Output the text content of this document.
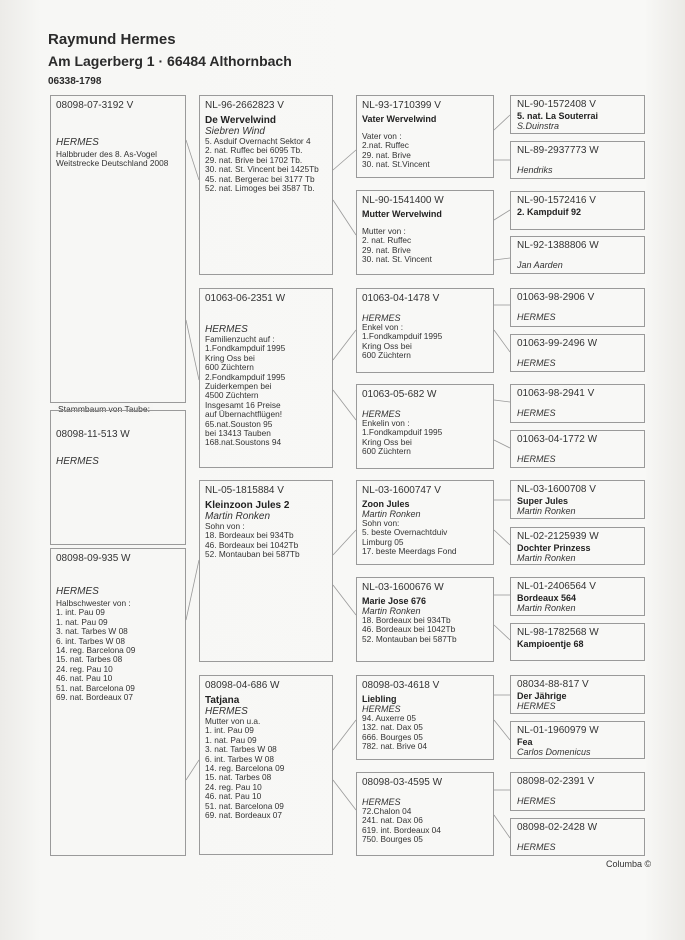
Raymund Hermes
Am Lagerberg 1 · 66484 Althornbach
06338-1798
08098-07-3192 V
HERMES
Halbbruder des 8. As-Vogel
Weitstrecke Deutschland 2008
Stammbaum von Taube:
08098-11-513 W
HERMES
08098-09-935 W
HERMES
Halbschwester von :
1. int. Pau 09
1. nat. Pau 09
3. nat. Tarbes W 08
6. int. Tarbes W 08
14. reg. Barcelona 09
15. nat. Tarbes 08
24. reg. Pau 10
46. nat. Pau 10
51. nat. Barcelona 09
69. nat. Bordeaux 07
NL-96-2662823 V
De Wervelwind
Siebren Wind
5. Asduif Overnacht Sektor 4
2. nat. Ruffec bei 6095 Tb.
29. nat. Brive bei 1702 Tb.
30. nat. St. Vincent bei 1425Tb
45. nat. Bergerac bei 3177 Tb
52. nat. Limoges bei 3587 Tb.
01063-06-2351 W
HERMES
Familienzucht auf :
1.Fondkampduif 1995
Kring Oss bei
600 Züchtern
2.Fondkampduif 1995
Zuiderkempen bei
4500 Züchtern
Insgesamt 16 Preise
auf Übernachtflügen!
65.nat.Souston 95
bei 13413 Tauben
168.nat.Soustons 94
NL-05-1815884 V
Kleinzoon Jules 2
Martin Ronken
Sohn von :
18. Bordeaux bei 934Tb
46. Bordeaux bei 1042Tb
52. Montauban bei 587Tb
08098-04-686 W
Tatjana
HERMES
Mutter von u.a.
1. int. Pau 09
1. nat. Pau 09
3. nat. Tarbes W 08
6. int. Tarbes W 08
14. reg. Barcelona 09
15. nat. Tarbes 08
24. reg. Pau 10
46. nat. Pau 10
51. nat. Barcelona 09
69. nat. Bordeaux 07
NL-93-1710399 V
Vater Wervelwind
Vater von :
2.nat. Ruffec
29. nat. Brive
30. nat. St.Vincent
NL-90-1541400 W
Mutter Wervelwind
Mutter von :
2. nat. Ruffec
29. nat. Brive
30. nat. St. Vincent
01063-04-1478 V
HERMES
Enkel von :
1.Fondkampduif 1995
Kring Oss bei
600 Züchtern
01063-05-682 W
HERMES
Enkelin von :
1.Fondkampduif 1995
Kring Oss bei
600 Züchtern
NL-03-1600747 V
Zoon Jules
Martin Ronken
Sohn von:
5. beste Overnachtduiv
Limburg 05
17. beste Meerdags Fond
NL-03-1600676 W
Marie Jose 676
Martin Ronken
18. Bordeaux bei 934Tb
46. Bordeaux bei 1042Tb
52. Montauban bei 587Tb
08098-03-4618 V
Liebling
HERMES
94. Auxerre 05
132. nat. Dax 05
666. Bourges 05
782. nat. Brive 04
08098-03-4595 W
HERMES
72.Chalon 04
241. nat. Dax 06
619. int. Bordeaux 04
750. Bourges 05
NL-90-1572408 V
5. nat. La Souterrai
S.Duinstra
NL-89-2937773 W
Hendriks
NL-90-1572416 V
2. Kampduif 92
NL-92-1388806 W
Jan Aarden
01063-98-2906 V
HERMES
01063-99-2496 W
HERMES
01063-98-2941 V
HERMES
01063-04-1772 W
HERMES
NL-03-1600708 V
Super Jules
Martin Ronken
NL-02-2125939 W
Dochter Prinzess
Martin Ronken
NL-01-2406564 V
Bordeaux 564
Martin Ronken
NL-98-1782568 W
Kampioentje 68
08034-88-817 V
Der Jährige
HERMES
NL-01-1960979 W
Fea
Carlos Domenicus
08098-02-2391 V
HERMES
08098-02-2428 W
HERMES
Columba ©
